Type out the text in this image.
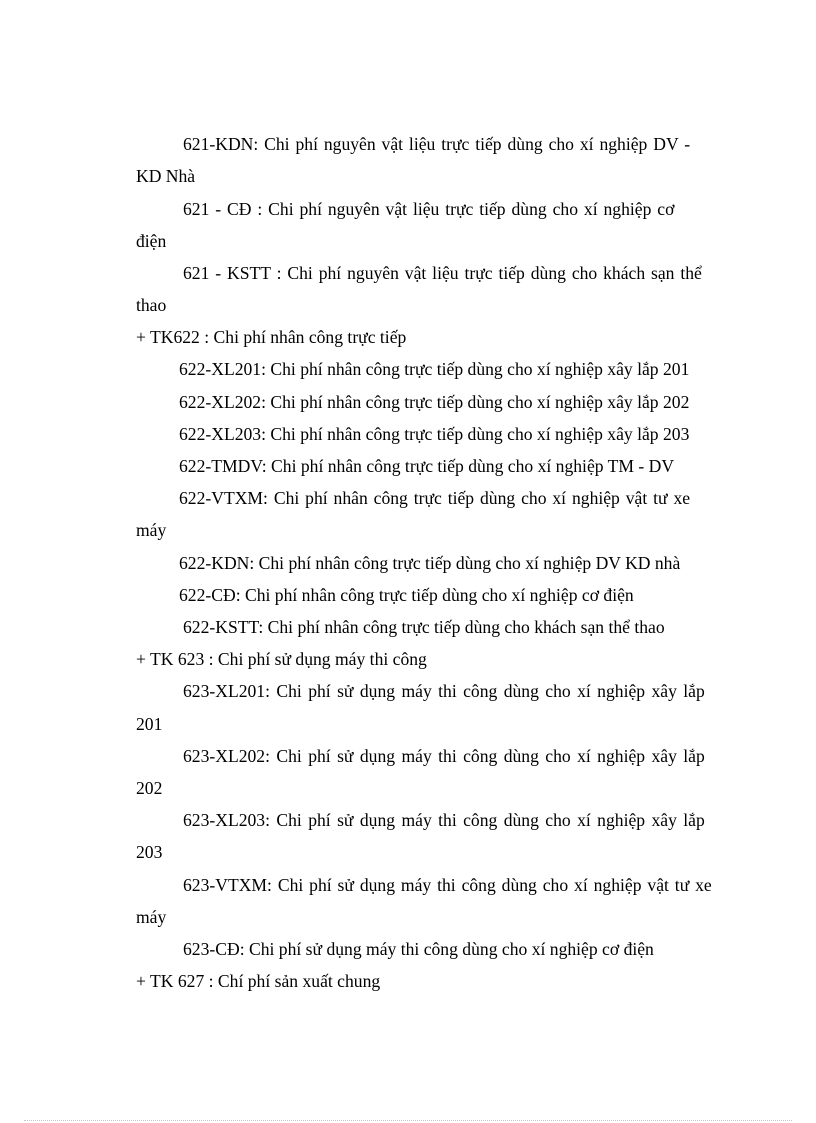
621-KDN: Chi phí nguyên vật liệu trực tiếp dùng cho xí nghiệp DV -
KD Nhà
621 - CĐ : Chi phí nguyên vật liệu trực tiếp dùng cho xí nghiệp cơ
điện
621 - KSTT : Chi phí nguyên vật liệu trực tiếp dùng cho khách sạn thể
thao
+ TK622 : Chi phí nhân công trực tiếp
622-XL201: Chi phí nhân công trực tiếp dùng cho xí nghiệp xây lắp 201
622-XL202: Chi phí nhân công trực tiếp dùng cho xí nghiệp xây lắp 202
622-XL203: Chi phí nhân công trực tiếp dùng cho xí nghiệp xây lắp 203
622-TMDV: Chi phí nhân công trực tiếp dùng cho xí nghiệp TM - DV
622-VTXM: Chi phí nhân công trực tiếp dùng cho xí nghiệp vật tư xe
máy
622-KDN: Chi phí nhân công trực tiếp dùng cho xí nghiệp DV KD nhà
622-CĐ: Chi phí nhân công trực tiếp dùng cho xí nghiệp cơ điện
622-KSTT: Chi phí nhân công trực tiếp dùng cho khách sạn thể thao
+ TK 623 : Chi phí sử dụng máy thi công
623-XL201: Chi phí sử dụng máy thi công dùng cho xí nghiệp xây lắp
201
623-XL202: Chi phí sử dụng máy thi công dùng cho xí nghiệp xây lắp
202
623-XL203: Chi phí sử dụng máy thi công dùng cho xí nghiệp xây lắp
203
623-VTXM: Chi phí sử dụng máy thi công dùng cho xí nghiệp vật tư xe
máy
623-CĐ: Chi phí sử dụng máy thi công dùng cho xí nghiệp cơ điện
+ TK 627 : Chí phí sản xuất chung
